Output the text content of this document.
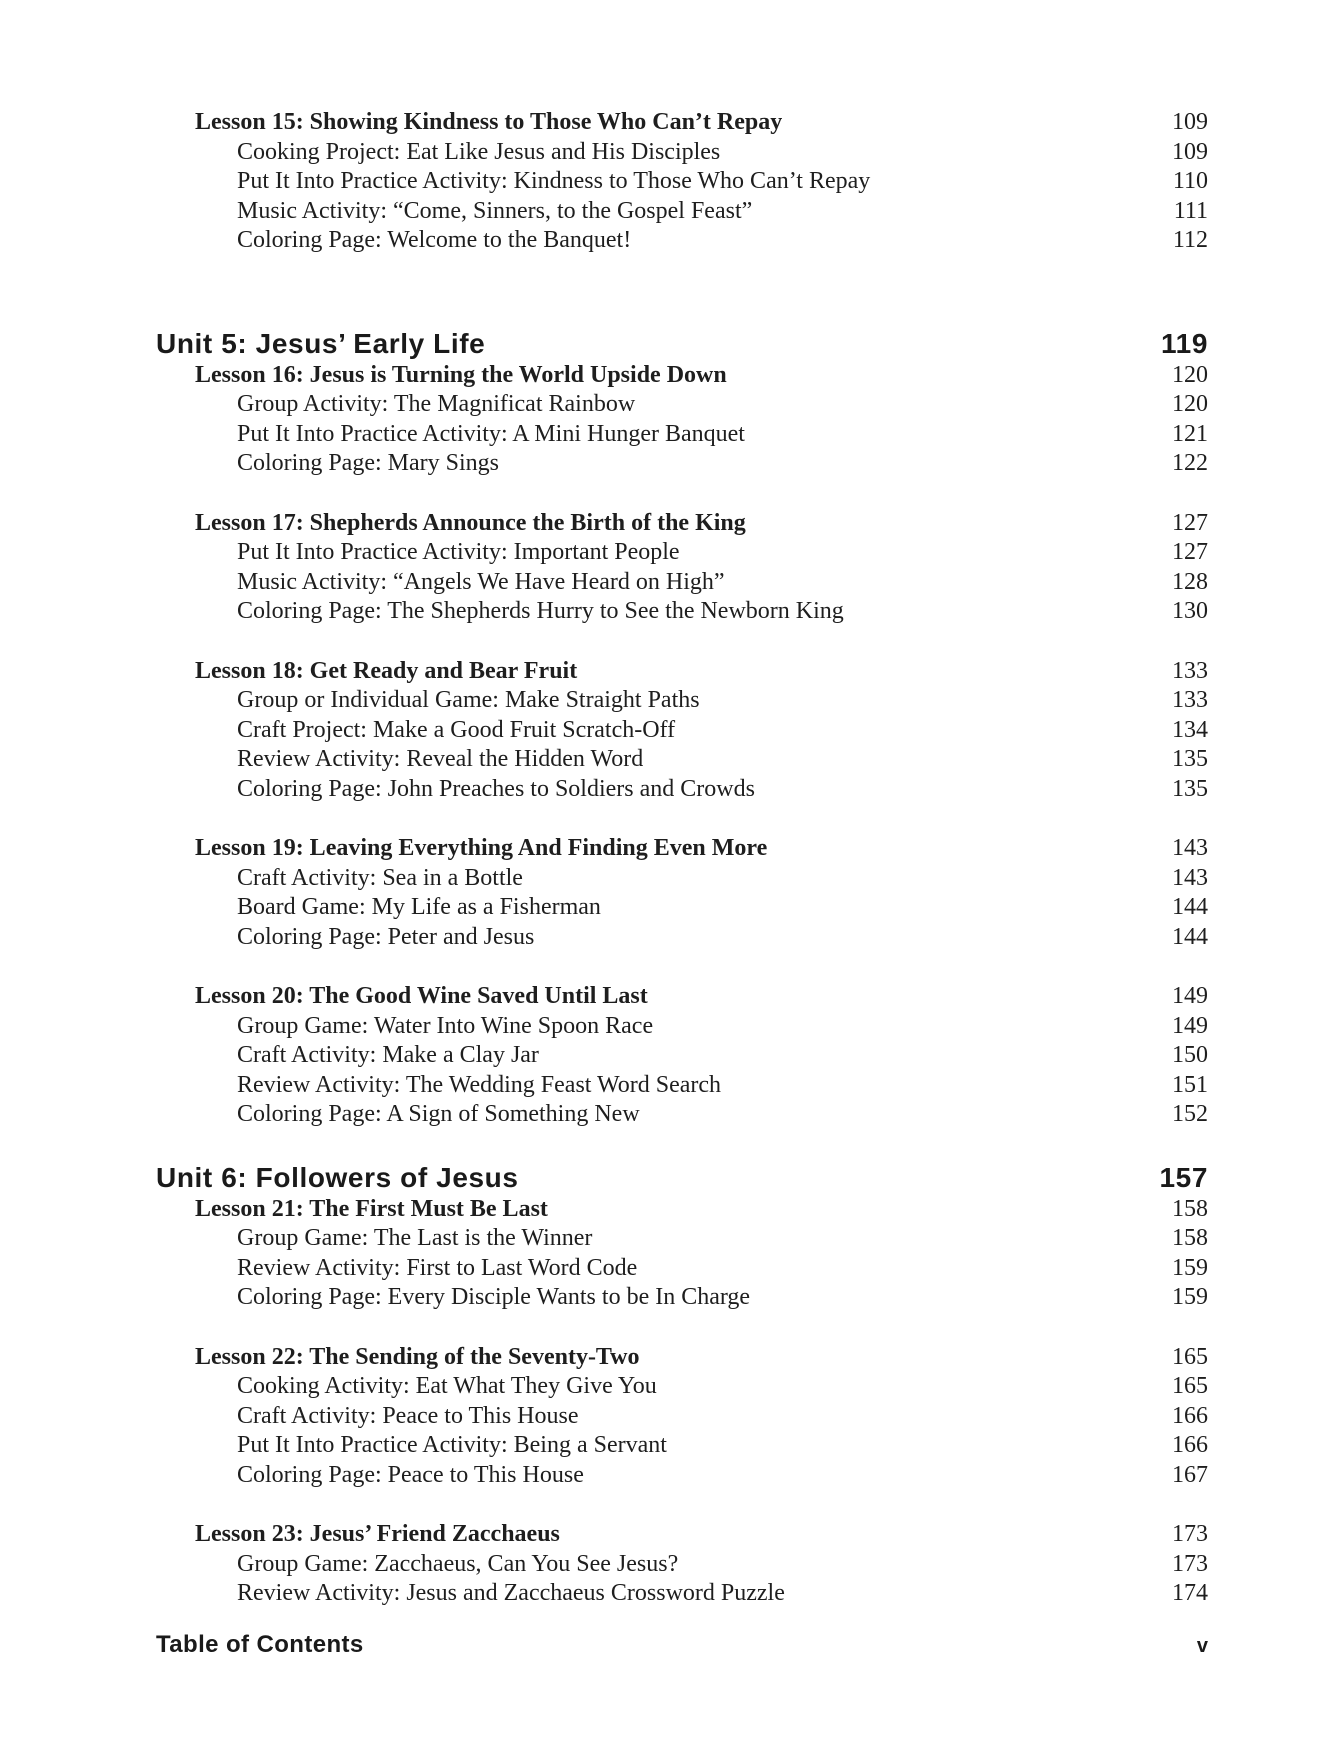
Lesson 15: Showing Kindness to Those Who Can’t Repay	109
Cooking Project: Eat Like Jesus and His Disciples	109
Put It Into Practice Activity: Kindness to Those Who Can’t Repay	110
Music Activity: “Come, Sinners, to the Gospel Feast”	111
Coloring Page: Welcome to the Banquet!	112
Unit 5: Jesus’ Early Life	119
Lesson 16: Jesus is Turning the World Upside Down	120
Group Activity: The Magnificat Rainbow	120
Put It Into Practice Activity: A Mini Hunger Banquet	121
Coloring Page: Mary Sings	122
Lesson 17: Shepherds Announce the Birth of the King	127
Put It Into Practice Activity: Important People	127
Music Activity: “Angels We Have Heard on High”	128
Coloring Page: The Shepherds Hurry to See the Newborn King	130
Lesson 18: Get Ready and Bear Fruit	133
Group or Individual Game: Make Straight Paths	133
Craft Project: Make a Good Fruit Scratch-Off	134
Review Activity: Reveal the Hidden Word	135
Coloring Page: John Preaches to Soldiers and Crowds	135
Lesson 19: Leaving Everything And Finding Even More	143
Craft Activity: Sea in a Bottle	143
Board Game: My Life as a Fisherman	144
Coloring Page: Peter and Jesus	144
Lesson 20: The Good Wine Saved Until Last	149
Group Game: Water Into Wine Spoon Race	149
Craft Activity: Make a Clay Jar	150
Review Activity: The Wedding Feast Word Search	151
Coloring Page: A Sign of Something New	152
Unit 6: Followers of Jesus	157
Lesson 21: The First Must Be Last	158
Group Game: The Last is the Winner	158
Review Activity: First to Last Word Code	159
Coloring Page: Every Disciple Wants to be In Charge	159
Lesson 22: The Sending of the Seventy-Two	165
Cooking Activity: Eat What They Give You	165
Craft Activity: Peace to This House	166
Put It Into Practice Activity: Being a Servant	166
Coloring Page: Peace to This House	167
Lesson 23: Jesus’ Friend Zacchaeus	173
Group Game: Zacchaeus, Can You See Jesus?	173
Review Activity: Jesus and Zacchaeus Crossword Puzzle	174
Table of Contents	v
